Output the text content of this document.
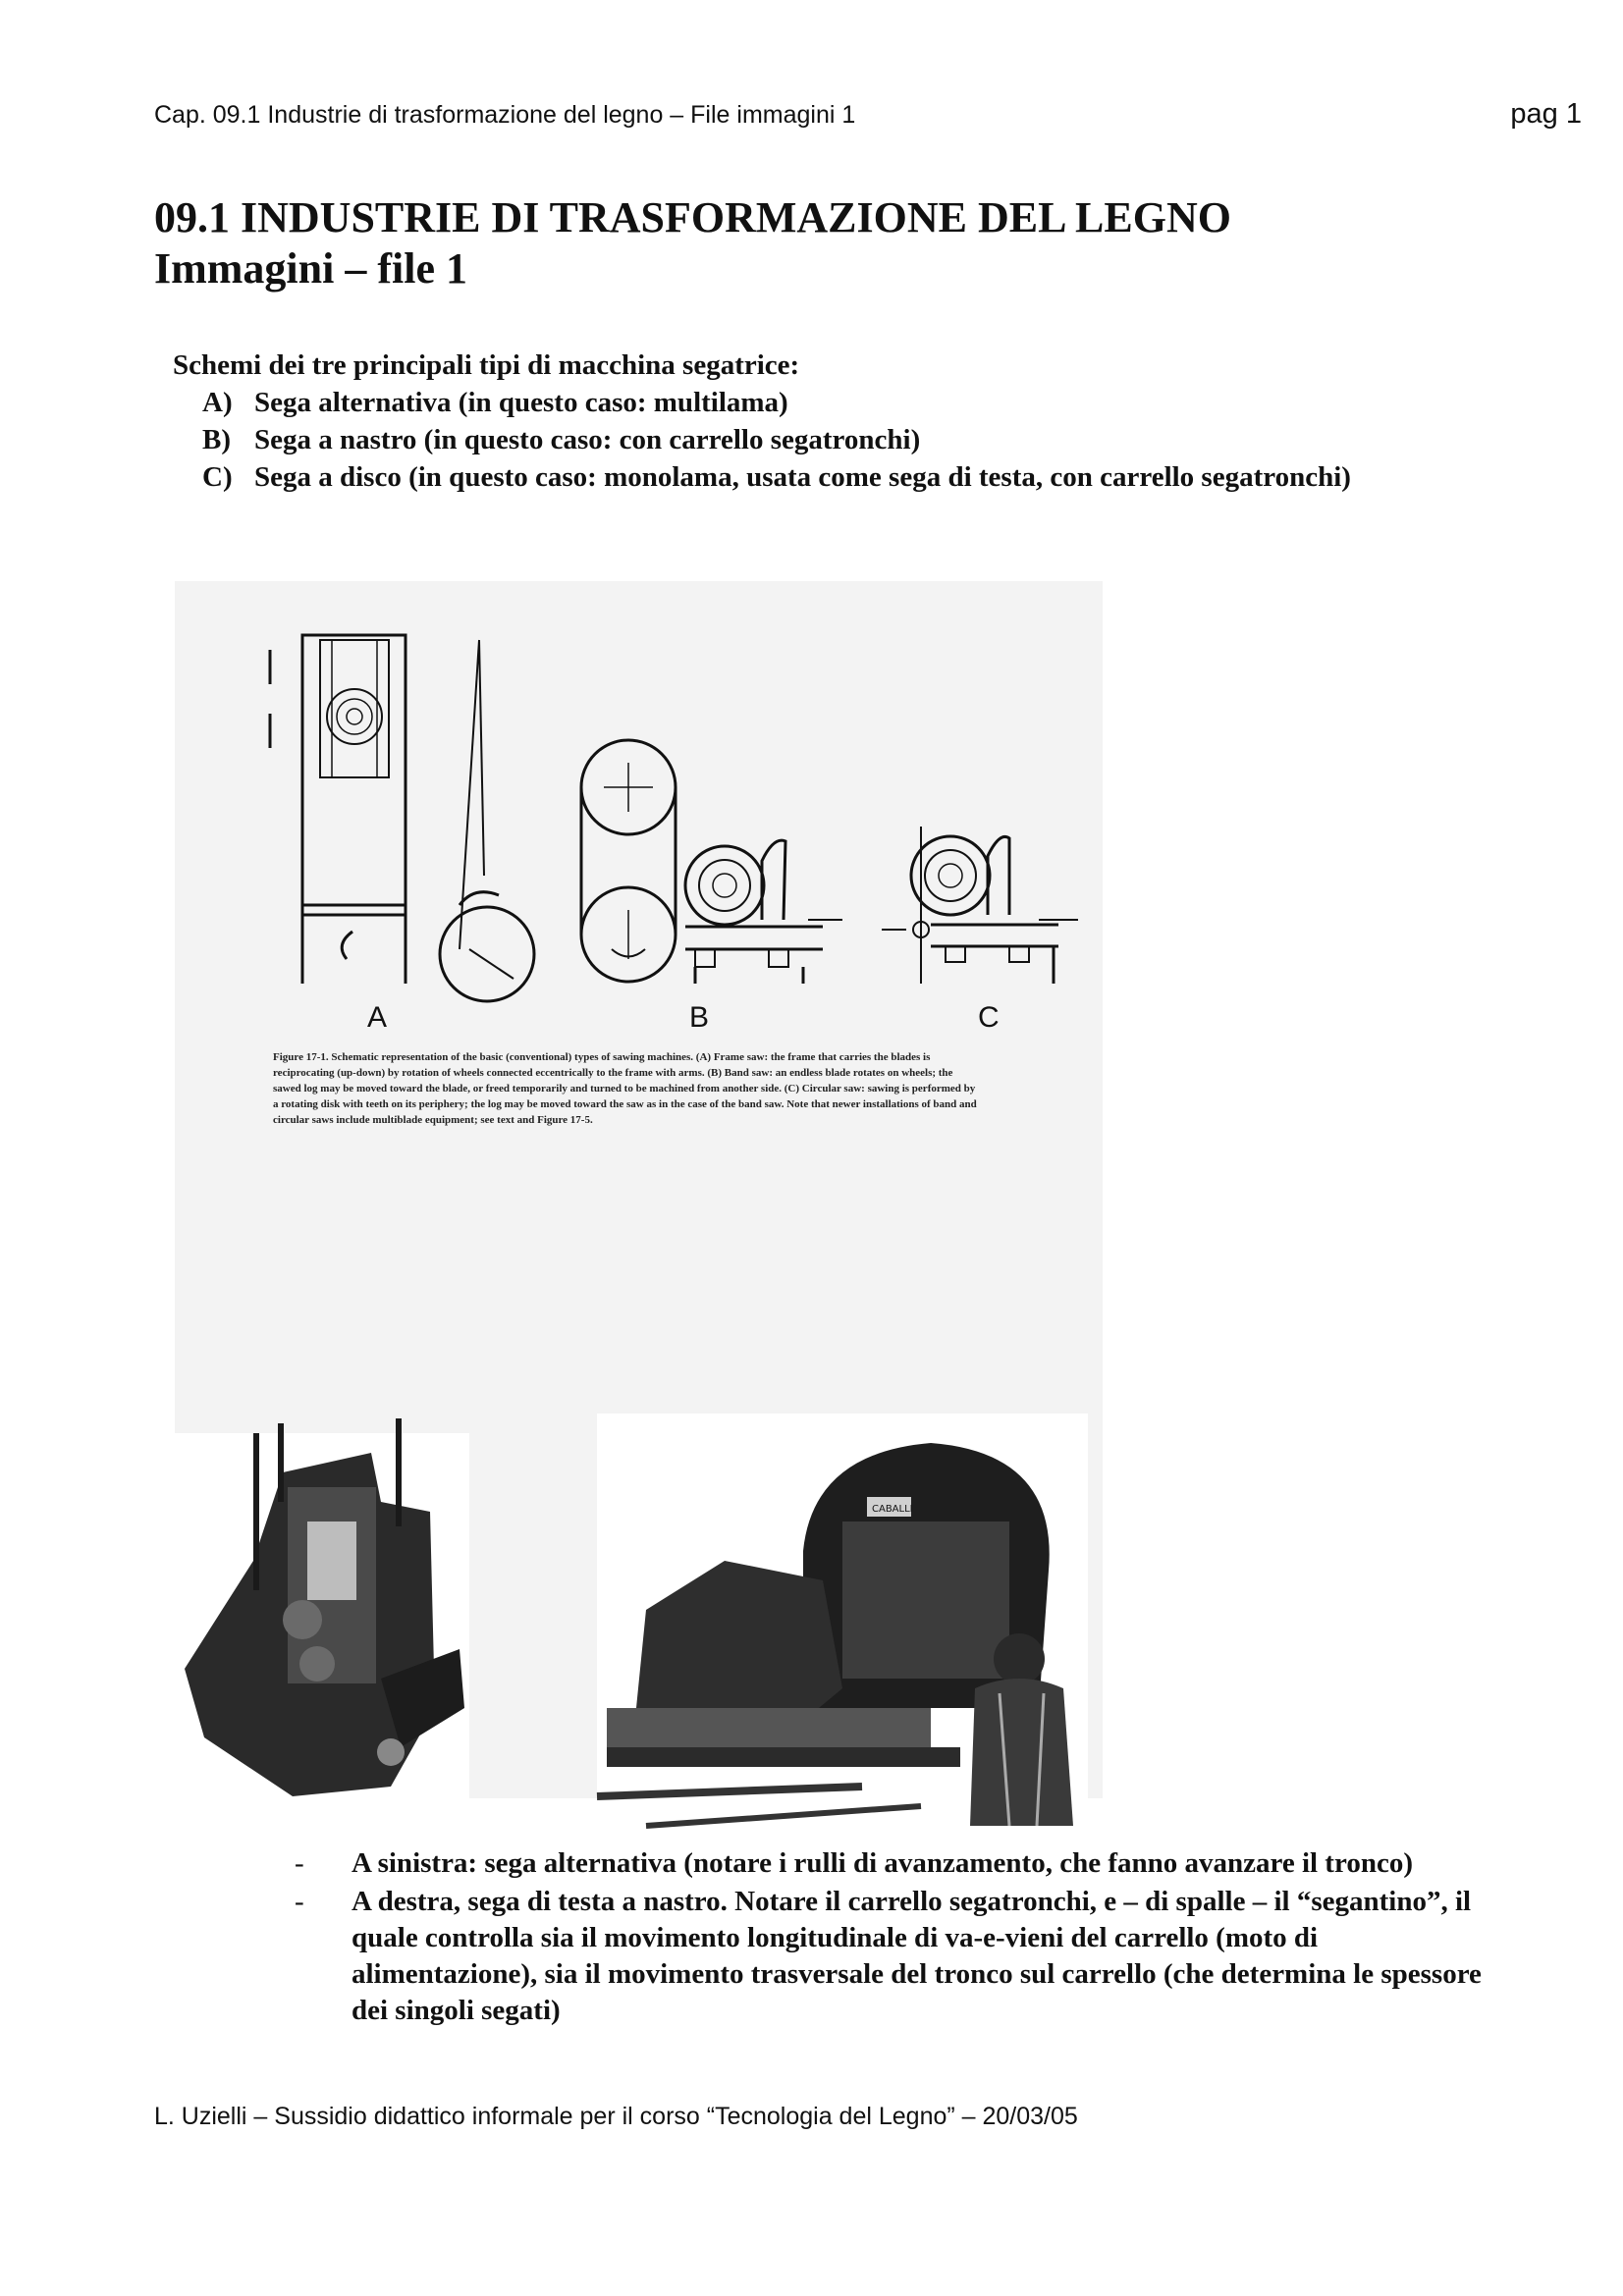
Cap. 09.1 Industrie di trasformazione del legno – File immagini 1	pag 1
09.1 INDUSTRIE DI TRASFORMAZIONE DEL LEGNO
Immagini – file 1
Schemi dei tre principali tipi di macchina segatrice:
A) Sega alternativa (in questo caso: multilama)
B) Sega a nastro (in questo caso: con carrello segatronchi)
C) Sega a disco (in questo caso: monolama, usata come sega di testa, con carrello segatronchi)
A	B	C
Figure 17-1. Schematic representation of the basic (conventional) types of sawing machines. (A) Frame saw: the frame that carries the blades is reciprocating (up-down) by rotation of wheels connected eccentrically to the frame with arms. (B) Band saw: an endless blade rotates on wheels; the sawed log may be moved toward the blade, or freed temporarily and turned to be machined from another side. (C) Circular saw: sawing is performed by a rotating disk with teeth on its periphery; the log may be moved toward the saw as in the case of the band saw. Note that newer installations of band and circular saws include multiblade equipment; see text and Figure 17-5.
CABALLI
- A sinistra: sega alternativa (notare i rulli di avanzamento, che fanno avanzare il tronco)
- A destra, sega di testa a nastro. Notare il carrello segatronchi, e – di spalle – il “segantino”, il quale controlla sia il movimento longitudinale di va-e-vieni del carrello (moto di alimentazione), sia il movimento trasversale del tronco sul carrello (che determina le spessore dei singoli segati)
L. Uzielli – Sussidio didattico informale per il corso “Tecnologia del Legno” – 20/03/05
